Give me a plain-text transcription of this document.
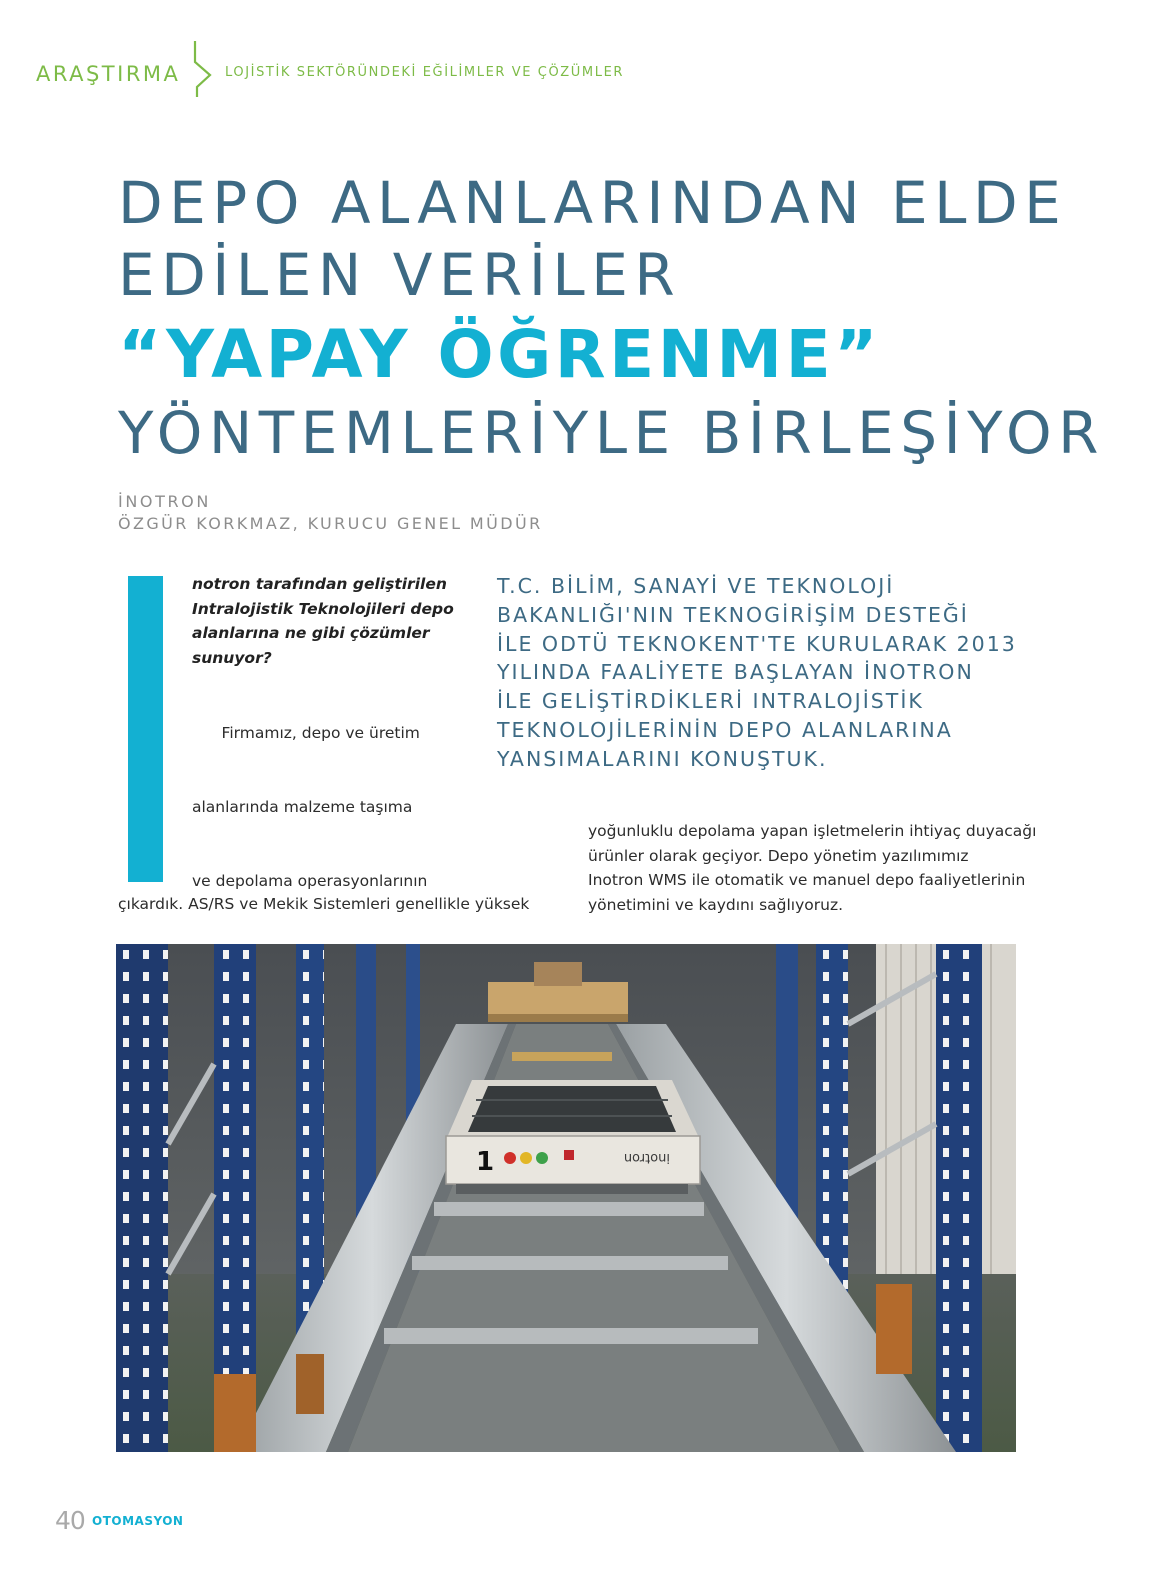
ARAŞTIRMA	LOJİSTİK SEKTÖRÜNDEKİ EĞİLİMLER VE ÇÖZÜMLER
DEPO ALANLARINDAN ELDE
EDİLEN VERİLER
“YAPAY ÖĞRENME”
YÖNTEMLERİYLE BİRLEŞİYOR
İNOTRON
ÖZGÜR KORKMAZ, KURUCU GENEL MÜDÜR
notron tarafından geliştirilen
Intralojistik Teknolojileri depo
alanlarına ne gibi çözümler
sunuyor?

Firmamız, depo ve üretim

alanlarında malzeme taşıma

ve depolama operasyonlarının

çıkardık. AS/RS ve Mekik Sistemleri genellikle yüksek
T.C. BİLİM, SANAYİ VE TEKNOLOJİ
BAKANLIĞI'NIN TEKNOGİRİŞİM DESTEĞİ
İLE ODTÜ TEKNOKENT'TE KURULARAK 2013
YILINDA FAALİYETE BAŞLAYAN İNOTRON
İLE GELİŞTİRDİKLERİ INTRALOJİSTİK
TEKNOLOJİLERİNİN DEPO ALANLARINA
YANSIMALARINI KONUŞTUK.
yoğunluklu depolama yapan işletmelerin ihtiyaç duyacağı
ürünler olarak geçiyor. Depo yönetim yazılımımız
Inotron WMS ile otomatik ve manuel depo faaliyetlerinin
yönetimini ve kaydını sağlıyoruz.
1	inotron
40 OTOMASYON
